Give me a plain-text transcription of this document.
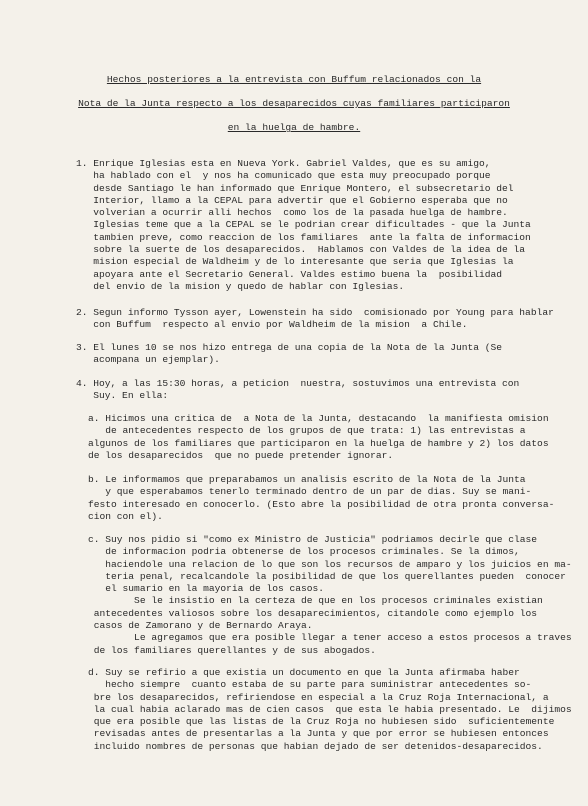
Hechos posteriores a la entrevista con Buffum relacionados con la
Nota de la Junta respecto a los desaparecidos cuyas familiares participaron
en la huelga de hambre.
1. Enrique Iglesias esta en Nueva York. Gabriel Valdes, que es su amigo,
ha hablado con el  y nos ha comunicado que esta muy preocupado porque
desde Santiago le han informado que Enrique Montero, el subsecretario del
Interior, llamo a la CEPAL para advertir que el Gobierno esperaba que no
volverian a ocurrir alli hechos  como los de la pasada huelga de hambre.
Iglesias teme que a la CEPAL se le podrian crear dificultades - que la Junta
tambien preve, como reaccion de los familiares  ante la falta de informacion
sobre la suerte de los desaparecidos.  Hablamos con Valdes de la idea de la
mision especial de Waldheim y de lo interesante que seria que Iglesias la
apoyara ante el Secretario General. Valdes estimo buena la  posibilidad
del envio de la mision y quedo de hablar con Iglesias.
2. Segun informo Tysson ayer, Lowenstein ha sido  comisionado por Young para hablar
con Buffum  respecto al envio por Waldheim de la mision  a Chile.
3. El lunes 10 se nos hizo entrega de una copia de la Nota de la Junta (Se
acompana un ejemplar).
4. Hoy, a las 15:30 horas, a peticion  nuestra, sostuvimos una entrevista con
Suy. En ella:
a. Hicimos una critica de  a Nota de la Junta, destacando  la manifiesta omision
de antecedentes respecto de los grupos de que trata: 1) las entrevistas a
algunos de los familiares que participaron en la huelga de hambre y 2) los datos
de los desaparecidos  que no puede pretender ignorar.
b. Le informamos que preparabamos un analisis escrito de la Nota de la Junta
y que esperabamos tenerlo terminado dentro de un par de dias. Suy se mani-
festo interesado en conocerlo. (Esto abre la posibilidad de otra pronta conversa-
cion con el).
c. Suy nos pidio si "como ex Ministro de Justicia" podriamos decirle que clase
de informacion podria obtenerse de los procesos criminales. Se la dimos,
haciendole una relacion de lo que son los recursos de amparo y los juicios en ma-
teria penal, recalcandole la posibilidad de que los querellantes pueden  conocer
el sumario en la mayoria de los casos.
Se le insistio en la certeza de que en los procesos criminales existian
antecedentes valiosos sobre los desaparecimientos, citandole como ejemplo los
casos de Zamorano y de Bernardo Araya.
Le agregamos que era posible llegar a tener acceso a estos procesos a traves
de los familiares querellantes y de sus abogados.
d. Suy se refirio a que existia un documento en que la Junta afirmaba haber
hecho siempre  cuanto estaba de su parte para suministrar antecedentes so-
bre los desaparecidos, refiriendose en especial a la Cruz Roja Internacional, a
la cual habia aclarado mas de cien casos  que esta le habia presentado. Le  dijimos
que era posible que las listas de la Cruz Roja no hubiesen sido  suficientemente
revisadas antes de presentarlas a la Junta y que por error se hubiesen entonces
incluido nombres de personas que habian dejado de ser detenidos-desaparecidos.
